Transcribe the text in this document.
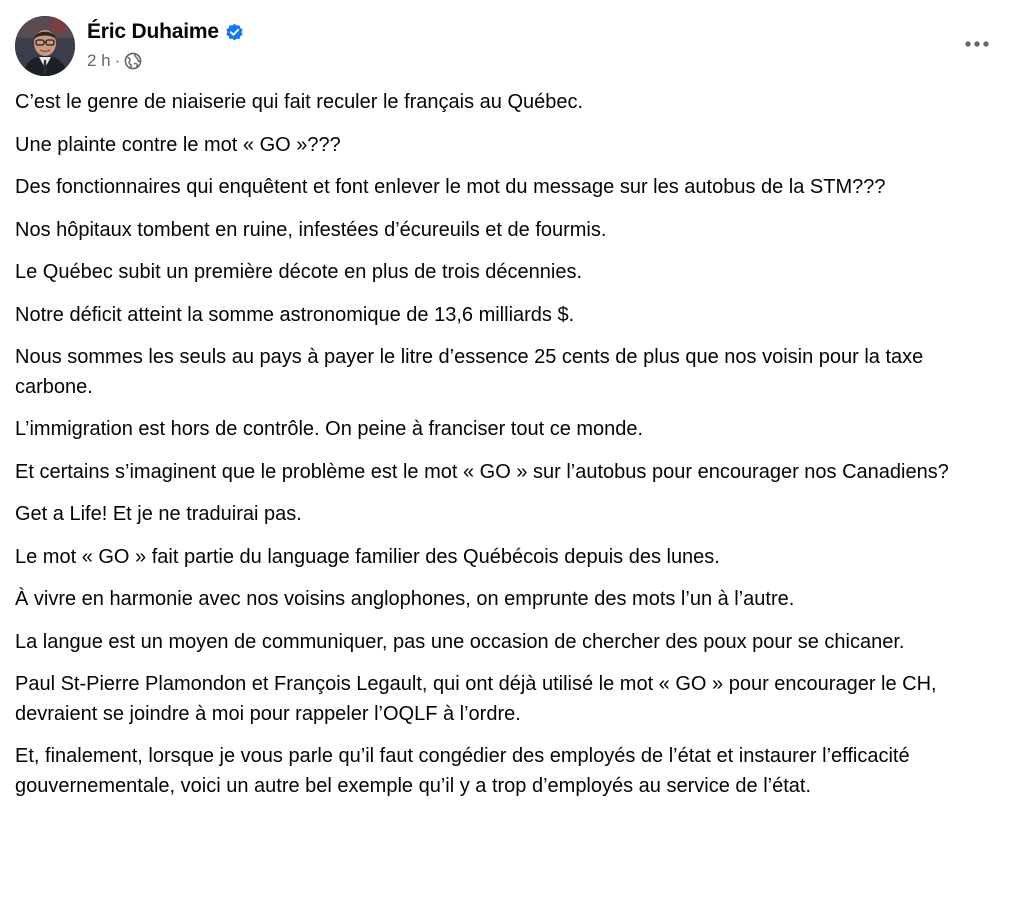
Éric Duhaime
2 h ·

C’est le genre de niaiserie qui fait reculer le français au Québec.

Une plainte contre le mot « GO »???

Des fonctionnaires qui enquêtent et font enlever le mot du message sur les autobus de la STM???

Nos hôpitaux tombent en ruine, infestées d’écureuils et de fourmis.

Le Québec subit un première décote en plus de trois décennies.

Notre déficit atteint la somme astronomique de 13,6 milliards $.

Nous sommes les seuls au pays à payer le litre d’essence 25 cents de plus que nos voisin pour la taxe carbone.

L’immigration est hors de contrôle. On peine à franciser tout ce monde.

Et certains s’imaginent que le problème est le mot « GO » sur l’autobus pour encourager nos Canadiens?

Get a Life! Et je ne traduirai pas.

Le mot « GO » fait partie du language familier des Québécois depuis des lunes.

À vivre en harmonie avec nos voisins anglophones, on emprunte des mots l’un à l’autre.

La langue est un moyen de communiquer, pas une occasion de chercher des poux pour se chicaner.

Paul St-Pierre Plamondon et François Legault, qui ont déjà utilisé le mot « GO » pour encourager le CH, devraient se joindre à moi pour rappeler l’OQLF à l’ordre.

Et, finalement, lorsque je vous parle qu’il faut congédier des employés de l’état et instaurer l’efficacité gouvernementale, voici un autre bel exemple qu’il y a trop d’employés au service de l’état.
